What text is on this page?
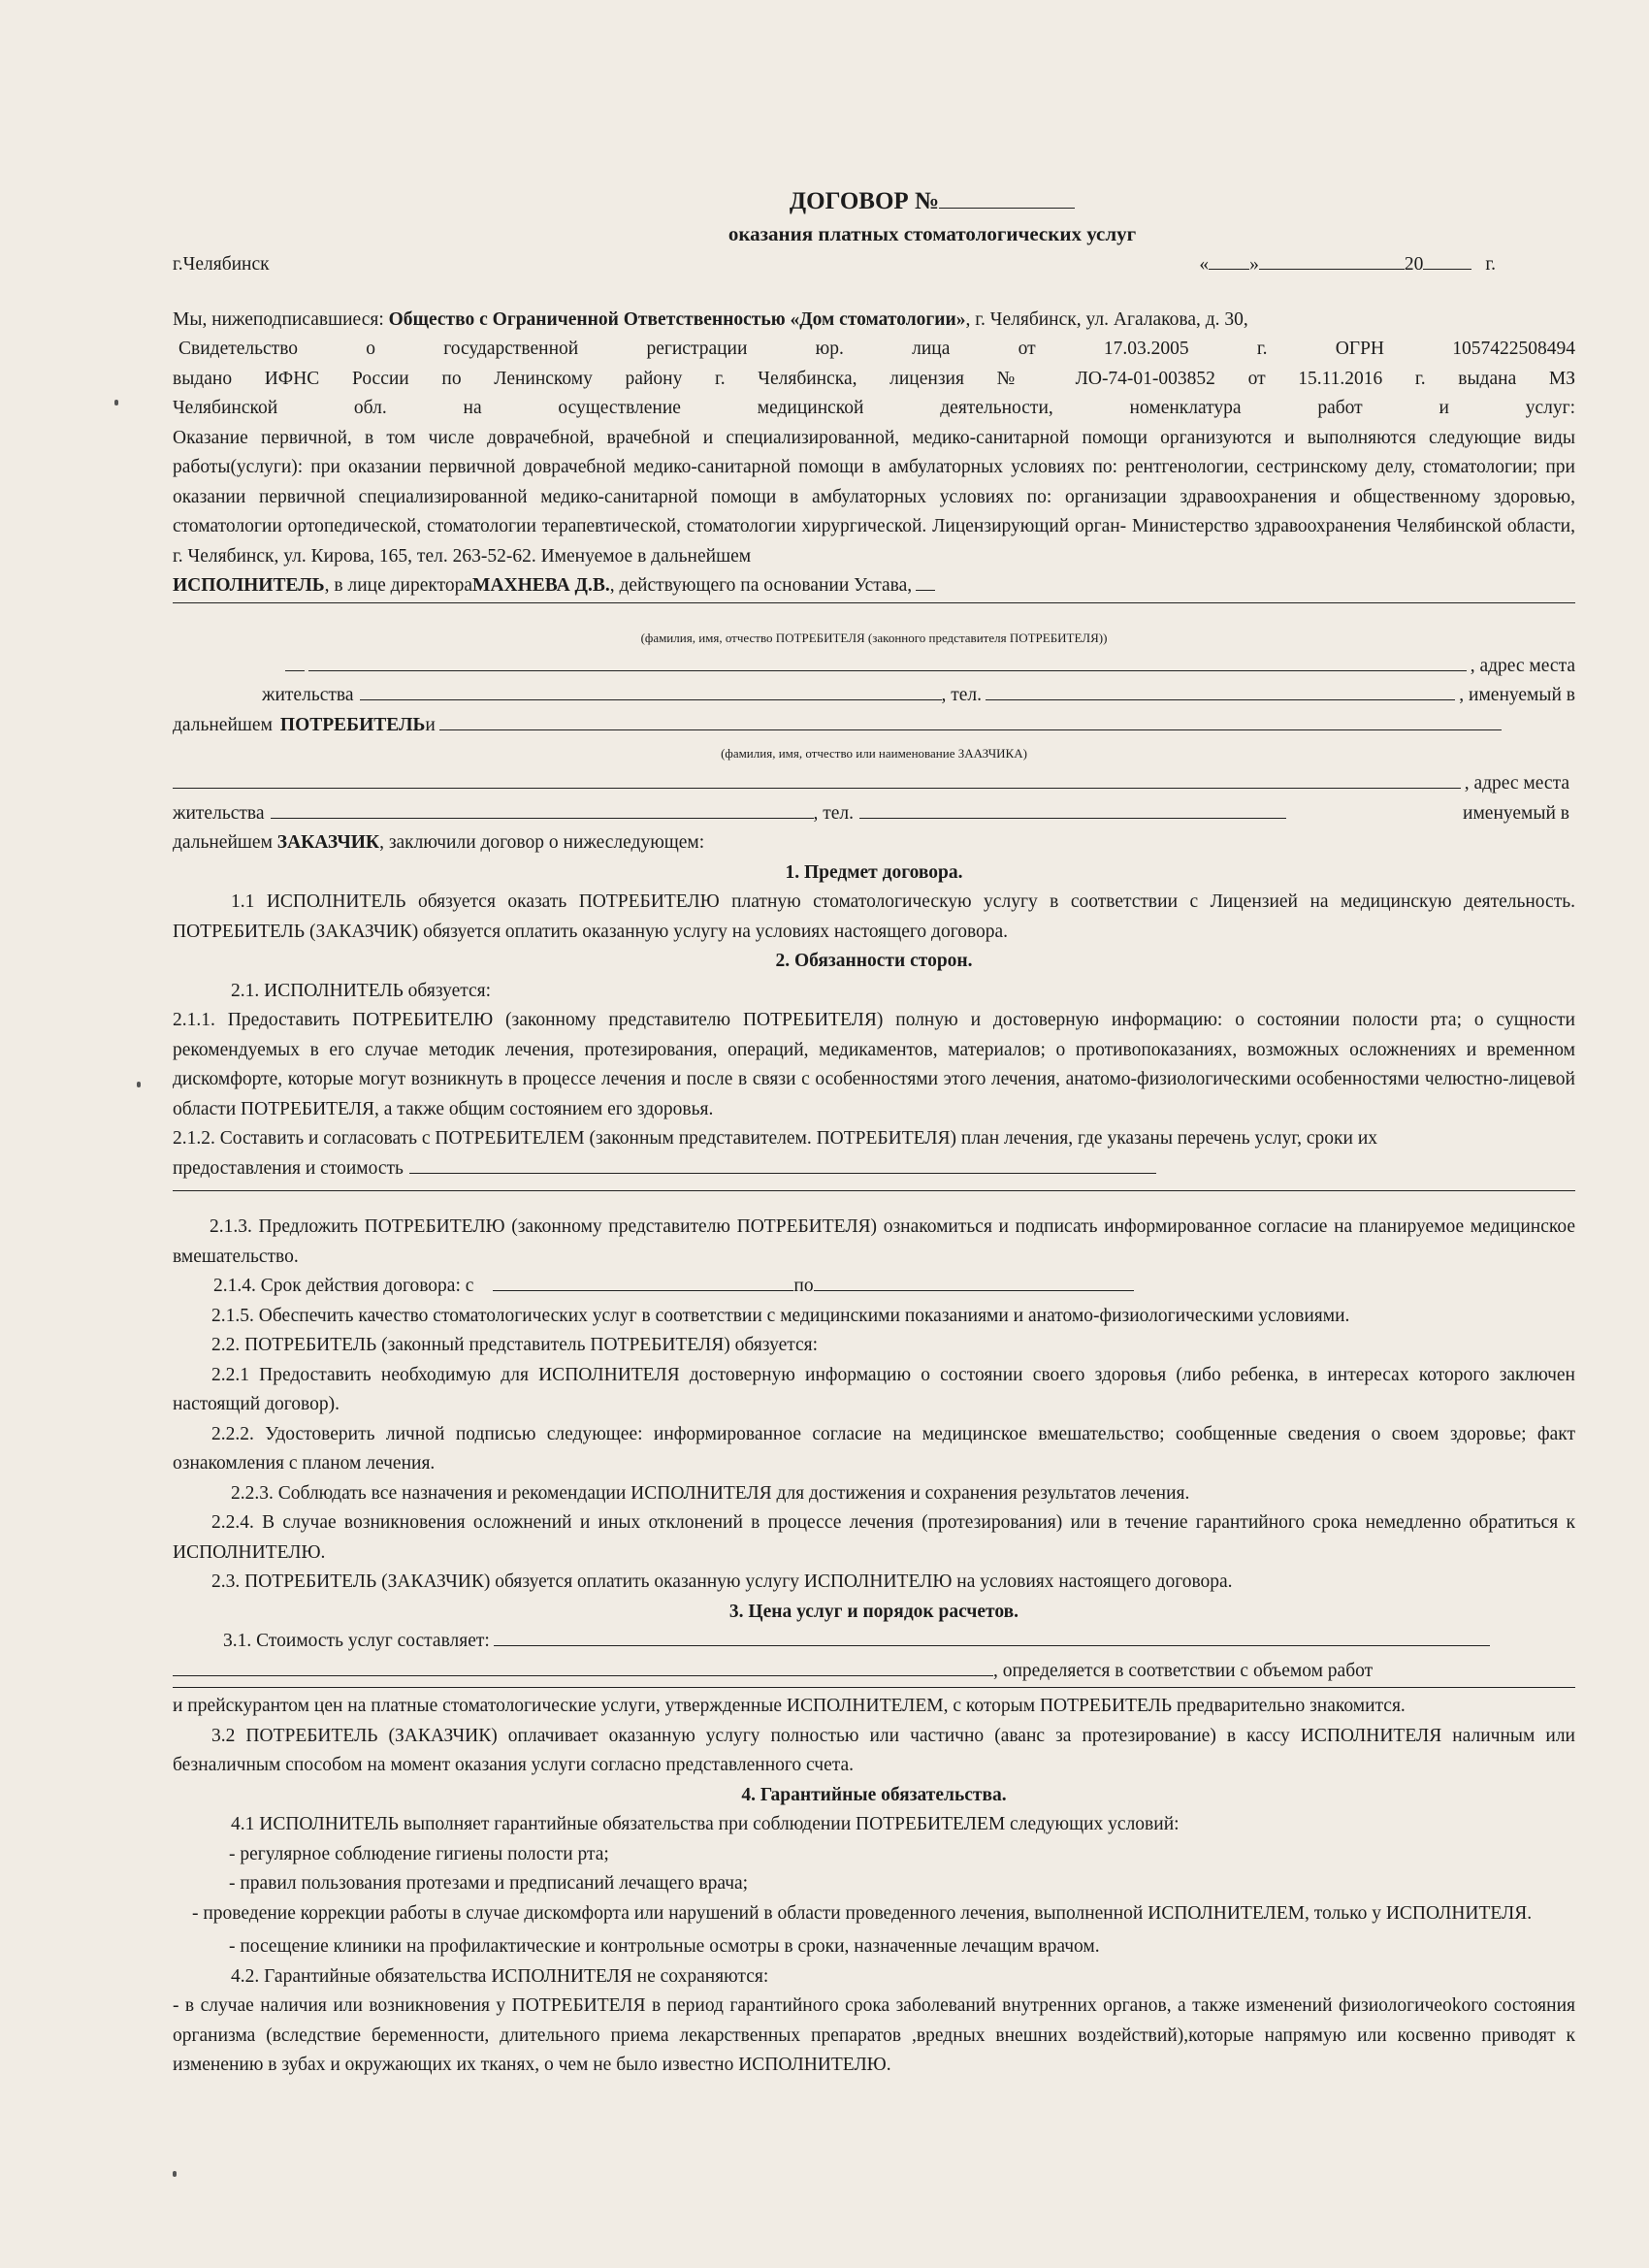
ДОГОВОР №
оказания платных стоматологических услуг
г.Челябинск	« »	20	г.

Мы, нижеподписавшиеся: Общество с Ограниченной Ответственностью «Дом стоматологии», г. Челябинск, ул. Агалакова, д. 30,

Свидетельство о государственной регистрации юр. лица от 17.03.2005 г. ОГРН 1057422508494

выдано ИФНС России по Ленинскому району г. Челябинска, лицензия № ЛО-74-01-003852 от 15.11.2016 г. выдана МЗ

Челябинской обл. на осуществление медицинской деятельности, номенклатура работ и услуг:

Оказание первичной, в том числе доврачебной, врачебной и специализированной, медико-санитарной помощи организуются и выполняются следующие виды работы(услуги): при оказании первичной доврачебной медико-санитарной помощи в амбулаторных условиях по: рентгенологии, сестринскому делу, стоматологии; при оказании первичной специализированной медико-санитарной помощи в амбулаторных условиях по: организации здравоохранения и общественному здоровью, стоматологии ортопедической, стоматологии терапевтической, стоматологии хирургической. Лицензирующий орган- Министерство здравоохранения Челябинской области, г. Челябинск, ул. Кирова, 165, тел. 263-52-62. Именуемое в дальнейшем

ИСПОЛНИТЕЛЬ , в лице директора МАХНЕВА Д.В. , действующего па основании Устава,
(фамилия, имя, отчество ПОТРЕБИТЕЛЯ (законного представителя ПОТРЕБИТЕЛЯ))
, адрес места
жительства	, тел.	, именуемый в
дальнейшем ПОТРЕБИТЕЛЬ и
(фамилия, имя, отчество или наименование ЗААЗЧИКА)
, адрес места
жительства	, тел.	именуемый в

дальнейшем ЗАКАЗЧИК, заключили договор о нижеследующем:

1. Предмет договора.

1.1 ИСПОЛНИТЕЛЬ обязуется оказать ПОТРЕБИТЕЛЮ платную стоматологическую услугу в соответствии с Лицензией на медицинскую деятельность. ПОТРЕБИТЕЛЬ (ЗАКАЗЧИК) обязуется оплатить оказанную услугу на условиях настоящего договора.

2. Обязанности сторон.

2.1. ИСПОЛНИТЕЛЬ обязуется:

2.1.1. Предоставить ПОТРЕБИТЕЛЮ (законному представителю ПОТРЕБИТЕЛЯ) полную и достоверную информацию: о состоянии полости рта; о сущности рекомендуемых в его случае методик лечения, протезирования, операций, медикаментов, материалов; о противопоказаниях, возможных осложнениях и временном дискомфорте, которые могут возникнуть в процессе лечения и после в связи с особенностями этого лечения, анатомо-физиологическими особенностями челюстно-лицевой области ПОТРЕБИТЕЛЯ, а также общим состоянием его здоровья.

2.1.2. Составить и согласовать с ПОТРЕБИТЕЛЕМ (законным представителем. ПОТРЕБИТЕЛЯ) план лечения, где указаны перечень услуг, сроки их

предоставления и стоимость

2.1.3. Предложить ПОТРЕБИТЕЛЮ (законному представителю ПОТРЕБИТЕЛЯ) ознакомиться и подписать информированное согласие на планируемое медицинское вмешательство.

2.1.4. Срок действия договора: с	по

2.1.5. Обеспечить качество стоматологических услуг в соответствии с медицинскими показаниями и анатомо-физиологическими условиями.

2.2. ПОТРЕБИТЕЛЬ (законный представитель ПОТРЕБИТЕЛЯ) обязуется:

2.2.1 Предоставить необходимую для ИСПОЛНИТЕЛЯ достоверную информацию о состоянии своего здоровья (либо ребенка, в интересах которого заключен настоящий договор).

2.2.2. Удостоверить личной подписью следующее: информированное согласие на медицинское вмешательство; сообщенные сведения о своем здоровье; факт ознакомления с планом лечения.

2.2.3. Соблюдать все назначения и рекомендации ИСПОЛНИТЕЛЯ для достижения и сохранения результатов лечения.

2.2.4. В случае возникновения осложнений и иных отклонений в процессе лечения (протезирования) или в течение гарантийного срока немедленно обратиться к ИСПОЛНИТЕЛЮ.

2.3. ПОТРЕБИТЕЛЬ (ЗАКАЗЧИК) обязуется оплатить оказанную услугу ИСПОЛНИТЕЛЮ на условиях настоящего договора.

3. Цена услуг и порядок расчетов.

3.1. Стоимость услуг составляет:
, определяется в соответствии с объемом работ

и прейскурантом цен на платные стоматологические услуги, утвержденные ИСПОЛНИТЕЛЕМ, с которым ПОТРЕБИТЕЛЬ предварительно знакомится.

3.2 ПОТРЕБИТЕЛЬ (ЗАКАЗЧИК) оплачивает оказанную услугу полностью или частично (аванс за протезирование) в кассу ИСПОЛНИТЕЛЯ наличным или безналичным способом на момент оказания услуги согласно представленного счета.

4. Гарантийные обязательства.

4.1 ИСПОЛНИТЕЛЬ выполняет гарантийные обязательства при соблюдении ПОТРЕБИТЕЛЕМ следующих условий:

- регулярное соблюдение гигиены полости рта;

- правил пользования протезами и предписаний лечащего врача;

- проведение коррекции работы в случае дискомфорта или нарушений в области проведенного лечения, выполненной ИСПОЛНИТЕЛЕМ, только у ИСПОЛНИТЕЛЯ.

- посещение клиники на профилактические и контрольные осмотры в сроки, назначенные лечащим врачом.

4.2. Гарантийные обязательства ИСПОЛНИТЕЛЯ не сохраняются:

- в случае наличия или возникновения у ПОТРЕБИТЕЛЯ в период гарантийного срока заболеваний внутренних органов, а также изменений физиологичеokого состояния организма (вследствие беременности, длительного приема лекарственных препаратов ,вредных внешних воздействий),которые напрямую или косвенно приводят к изменению в зубах и окружающих их тканях, о чем не было известно ИСПОЛНИТЕЛЮ.
